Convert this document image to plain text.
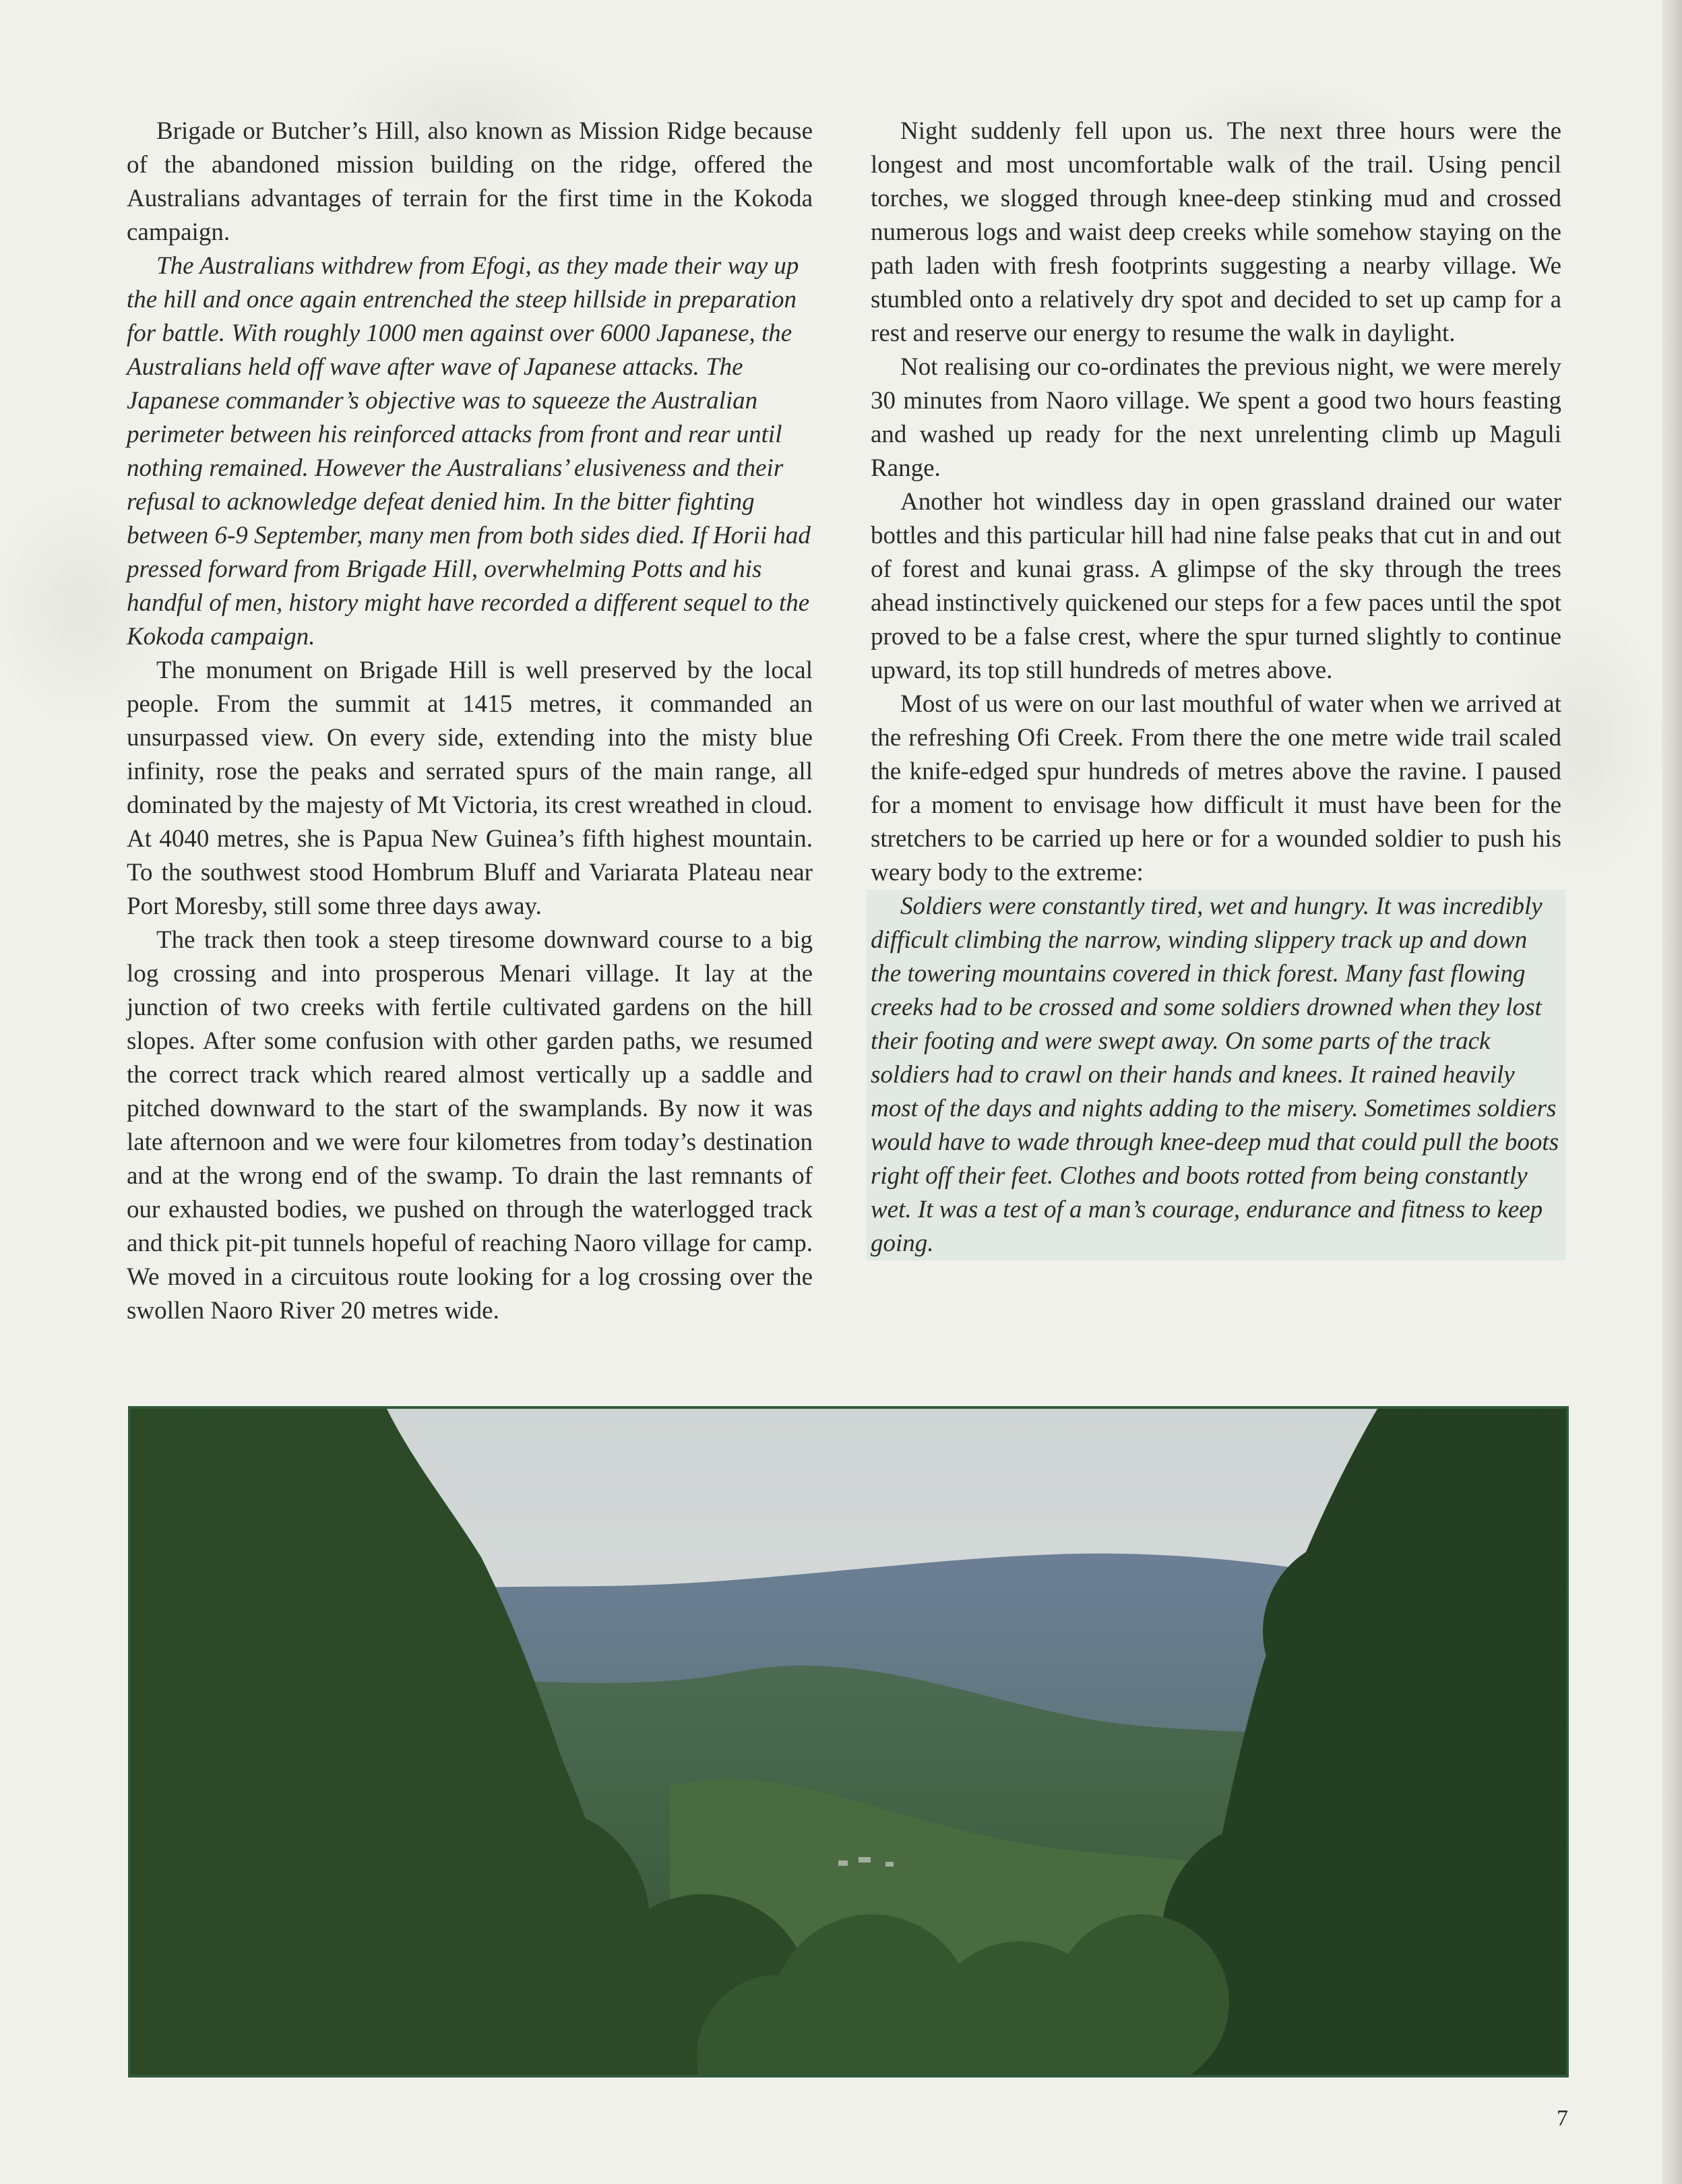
Brigade or Butcher’s Hill, also known as Mission Ridge because of the abandoned mission building on the ridge, offered the Australians advantages of terrain for the first time in the Kokoda campaign.

The Australians withdrew from Efogi, as they made their way up the hill and once again entrenched the steep hillside in preparation for battle. With roughly 1000 men against over 6000 Japanese, the Australians held off wave after wave of Japanese attacks. The Japanese commander’s objective was to squeeze the Australian perimeter between his reinforced attacks from front and rear until nothing remained. However the Australians’ elusiveness and their refusal to acknowledge defeat denied him. In the bitter fighting between 6-9 September, many men from both sides died. If Horii had pressed forward from Brigade Hill, overwhelming Potts and his handful of men, history might have recorded a different sequel to the Kokoda campaign.

The monument on Brigade Hill is well preserved by the local people. From the summit at 1415 metres, it commanded an unsurpassed view. On every side, extending into the misty blue infinity, rose the peaks and serrated spurs of the main range, all dominated by the majesty of Mt Victoria, its crest wreathed in cloud. At 4040 metres, she is Papua New Guinea’s fifth highest mountain. To the southwest stood Hombrum Bluff and Variarata Plateau near Port Moresby, still some three days away.

The track then took a steep tiresome downward course to a big log crossing and into prosperous Menari village. It lay at the junction of two creeks with fertile cultivated gardens on the hill slopes. After some confusion with other garden paths, we resumed the correct track which reared almost vertically up a saddle and pitched downward to the start of the swamplands. By now it was late afternoon and we were four kilometres from today’s destination and at the wrong end of the swamp. To drain the last remnants of our exhausted bodies, we pushed on through the waterlogged track and thick pit-pit tunnels hopeful of reaching Naoro village for camp. We moved in a circuitous route looking for a log crossing over the swollen Naoro River 20 metres wide.

Night suddenly fell upon us. The next three hours were the longest and most uncomfortable walk of the trail. Using pencil torches, we slogged through knee-deep stinking mud and crossed numerous logs and waist deep creeks while somehow staying on the path laden with fresh footprints suggesting a nearby village. We stumbled onto a relatively dry spot and decided to set up camp for a rest and reserve our energy to resume the walk in daylight.

Not realising our co-ordinates the previous night, we were merely 30 minutes from Naoro village. We spent a good two hours feasting and washed up ready for the next unrelenting climb up Maguli Range.

Another hot windless day in open grassland drained our water bottles and this particular hill had nine false peaks that cut in and out of forest and kunai grass. A glimpse of the sky through the trees ahead instinctively quickened our steps for a few paces until the spot proved to be a false crest, where the spur turned slightly to continue upward, its top still hundreds of metres above.

Most of us were on our last mouthful of water when we arrived at the refreshing Ofi Creek. From there the one metre wide trail scaled the knife-edged spur hundreds of metres above the ravine. I paused for a moment to envisage how difficult it must have been for the stretchers to be carried up here or for a wounded soldier to push his weary body to the extreme:

Soldiers were constantly tired, wet and hungry. It was incredibly difficult climbing the narrow, winding slippery track up and down the towering mountains covered in thick forest. Many fast flowing creeks had to be crossed and some soldiers drowned when they lost their footing and were swept away. On some parts of the track soldiers had to crawl on their hands and knees. It rained heavily most of the days and nights adding to the misery. Sometimes soldiers would have to wade through knee-deep mud that could pull the boots right off their feet. Clothes and boots rotted from being constantly wet. It was a test of a man’s courage, endurance and fitness to keep going.

7
